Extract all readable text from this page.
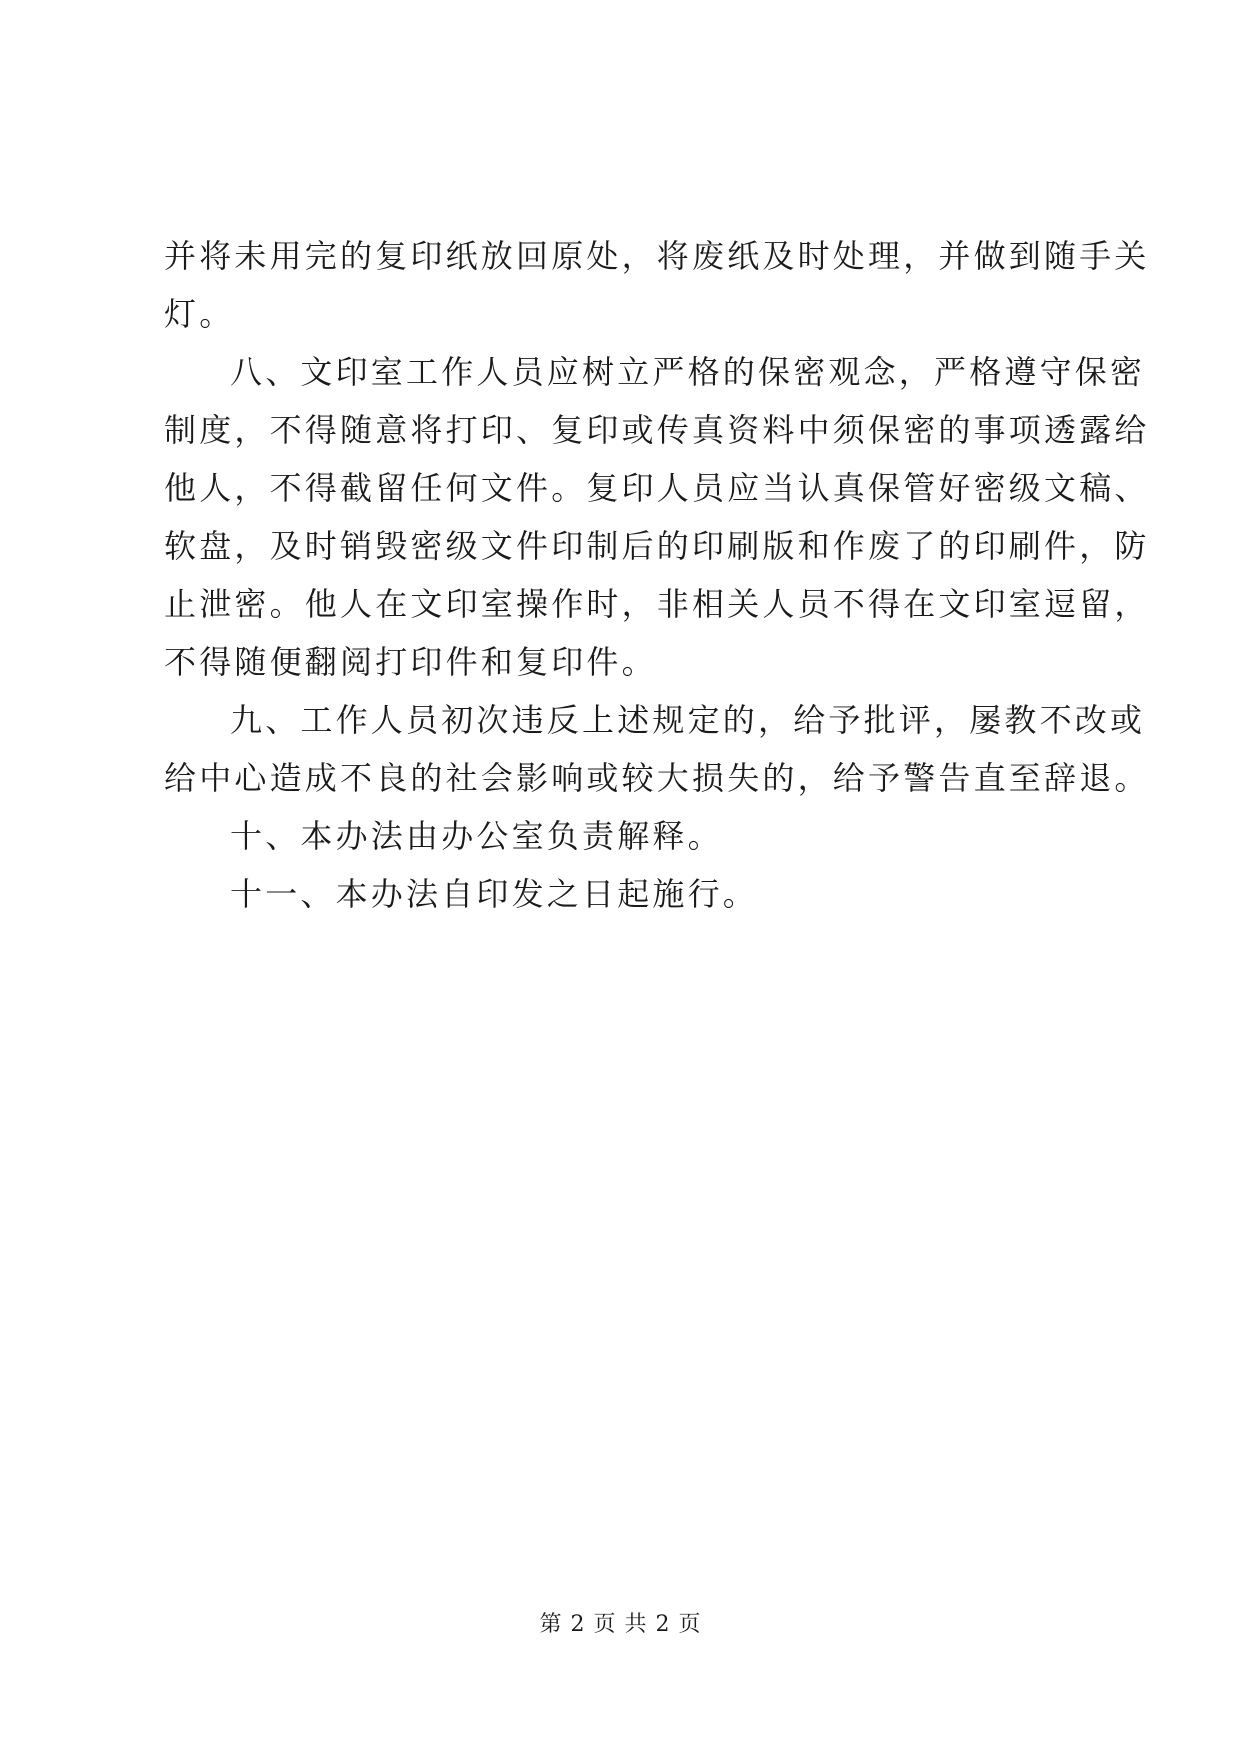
并将未用完的复印纸放回原处，将废纸及时处理，并做到随手关
灯。
八、文印室工作人员应树立严格的保密观念，严格遵守保密
制度，不得随意将打印、复印或传真资料中须保密的事项透露给
他人，不得截留任何文件。复印人员应当认真保管好密级文稿、
软盘，及时销毁密级文件印制后的印刷版和作废了的印刷件，防
止泄密。他人在文印室操作时，非相关人员不得在文印室逗留，
不得随便翻阅打印件和复印件。
九、工作人员初次违反上述规定的，给予批评，屡教不改或
给中心造成不良的社会影响或较大损失的，给予警告直至辞退。
十、本办法由办公室负责解释。
十一、本办法自印发之日起施行。
第 2 页 共 2 页
